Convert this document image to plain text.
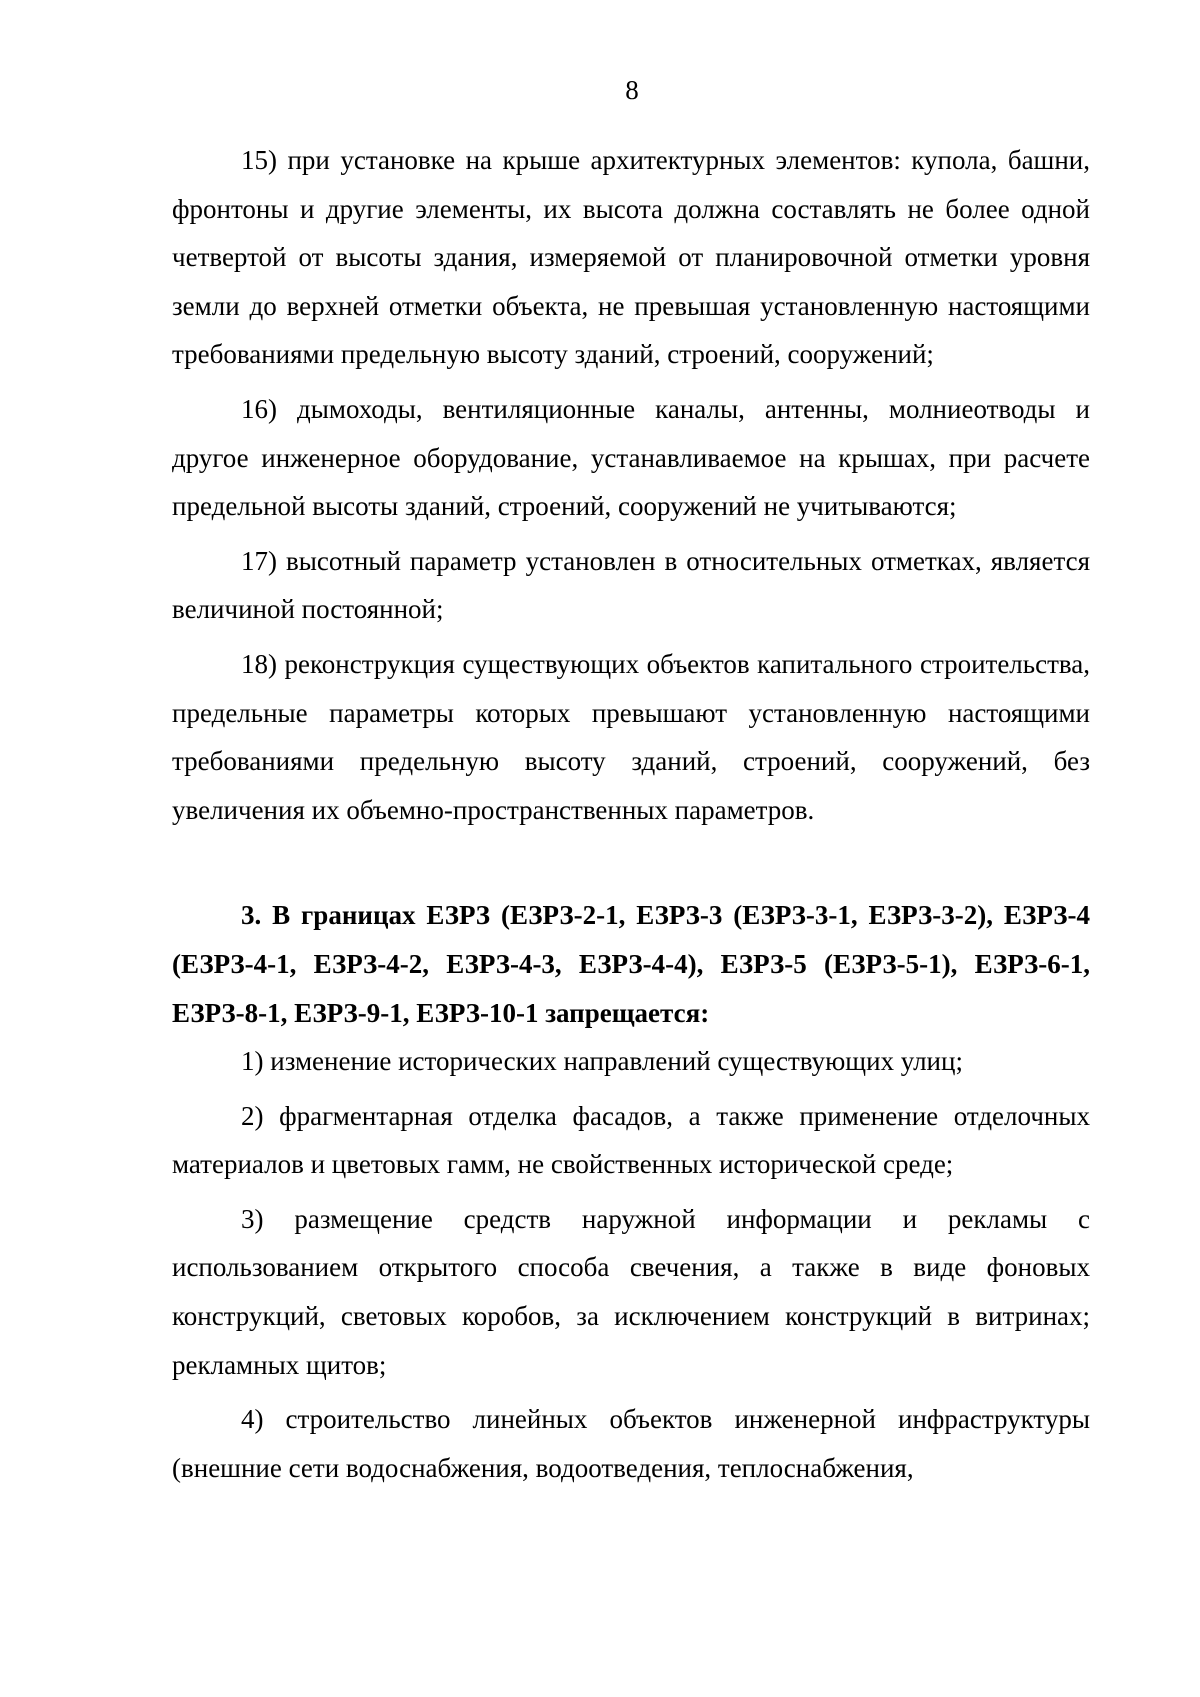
8

15) при установке на крыше архитектурных элементов: купола, башни, фронтоны и другие элементы, их высота должна составлять не более одной четвертой от высоты здания, измеряемой от планировочной отметки уровня земли до верхней отметки объекта, не превышая установленную настоящими требованиями предельную высоту зданий, строений, сооружений;

16) дымоходы, вентиляционные каналы, антенны, молниеотводы и другое инженерное оборудование, устанавливаемое на крышах, при расчете предельной высоты зданий, строений, сооружений не учитываются;

17) высотный параметр установлен в относительных отметках, является величиной постоянной;

18) реконструкция существующих объектов капитального строительства, предельные параметры которых превышают установленную настоящими требованиями предельную высоту зданий, строений, сооружений, без увеличения их объемно-пространственных параметров.

3. В границах ЕЗРЗ (ЕЗРЗ-2-1, ЕЗРЗ-3 (ЕЗРЗ-3-1, ЕЗРЗ-3-2), ЕЗРЗ-4 (ЕЗРЗ-4-1, ЕЗРЗ-4-2, ЕЗРЗ-4-3, ЕЗРЗ-4-4), ЕЗРЗ-5 (ЕЗРЗ-5-1), ЕЗРЗ-6-1, ЕЗРЗ-8-1, ЕЗРЗ-9-1, ЕЗРЗ-10-1 запрещается:

1) изменение исторических направлений существующих улиц;

2) фрагментарная отделка фасадов, а также применение отделочных материалов и цветовых гамм, не свойственных исторической среде;

3) размещение средств наружной информации и рекламы с использованием открытого способа свечения, а также в виде фоновых конструкций, световых коробов, за исключением конструкций в витринах; рекламных щитов;

4) строительство линейных объектов инженерной инфраструктуры (внешние сети водоснабжения, водоотведения, теплоснабжения,
